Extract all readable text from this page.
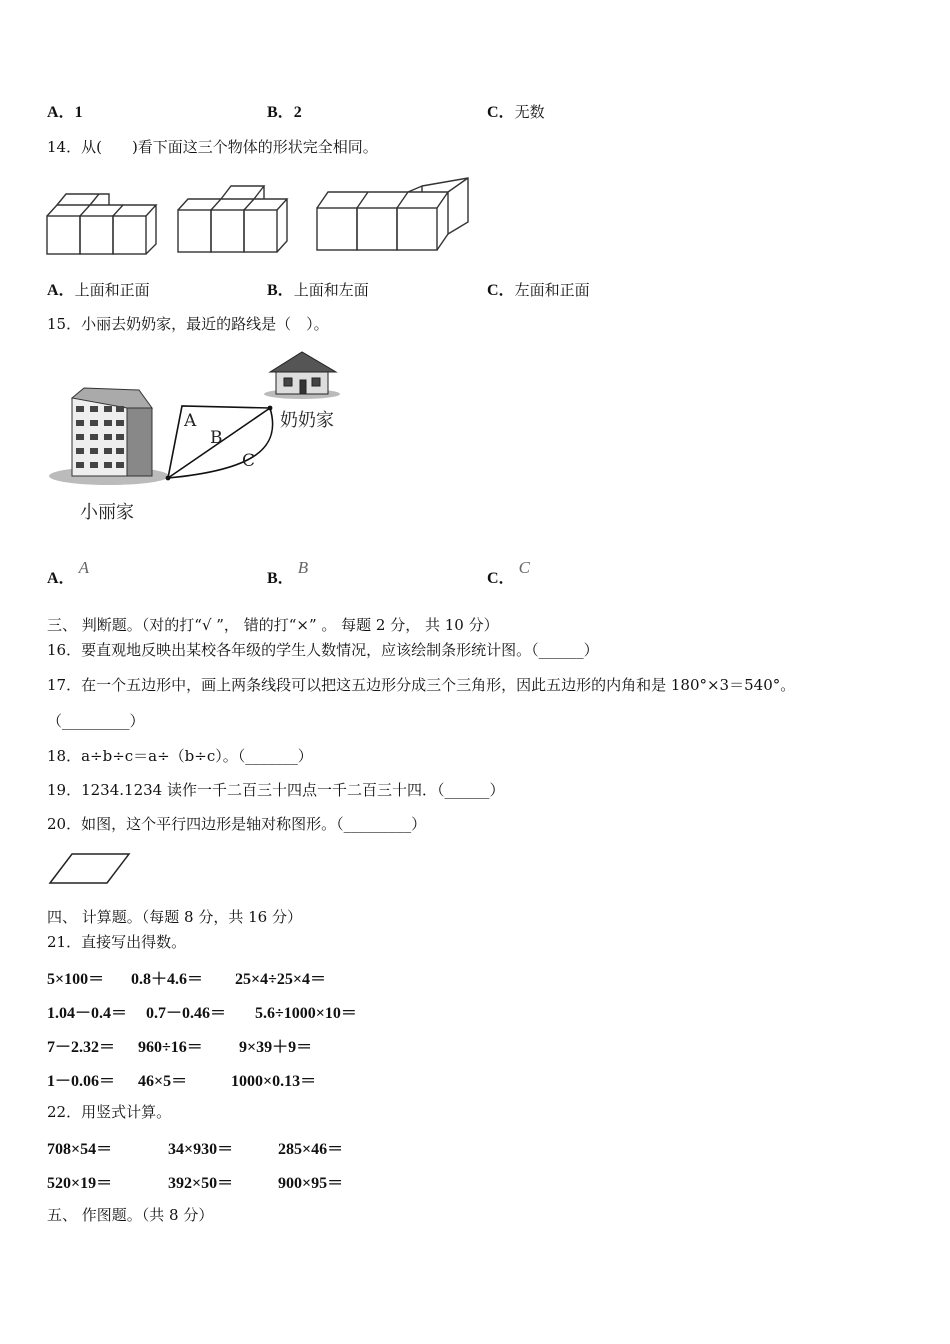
A．1	B．2	C．无数
14．从(　　)看下面这三个物体的形状完全相同。
A．上面和正面	B．上面和左面	C．左面和正面
15．小丽去奶奶家，最近的路线是（　）。
A
B
C
奶奶家
小丽家
A．A
B．B
C．C
三、 判断题。（对的打“√ ”， 错的打“×” 。 每题 2 分， 共 10 分）
16．要直观地反映出某校各年级的学生人数情况，应该绘制条形统计图。（______）
17．在一个五边形中，画上两条线段可以把这五边形分成三个三角形，因此五边形的内角和是 180°×3＝540°。
（_________）
18．a÷b÷c＝a÷（b÷c）。（_______）
19．1234.1234 读作一千二百三十四点一千二百三十四．（______）
20．如图，这个平行四边形是轴对称图形。（_________）
四、 计算题。（每题 8 分，共 16 分）
21．直接写出得数。
5×100＝ 0.8＋4.6＝ 25×4÷25×4＝
1.04－0.4＝ 0.7－0.46＝ 5.6÷1000×10＝
7－2.32＝ 960÷16＝ 9×39＋9＝
1－0.06＝ 46×5＝	1000×0.13＝
22．用竖式计算。
708×54＝	34×930＝	285×46＝
520×19＝	392×50＝	900×95＝
五、 作图题。（共 8 分）
